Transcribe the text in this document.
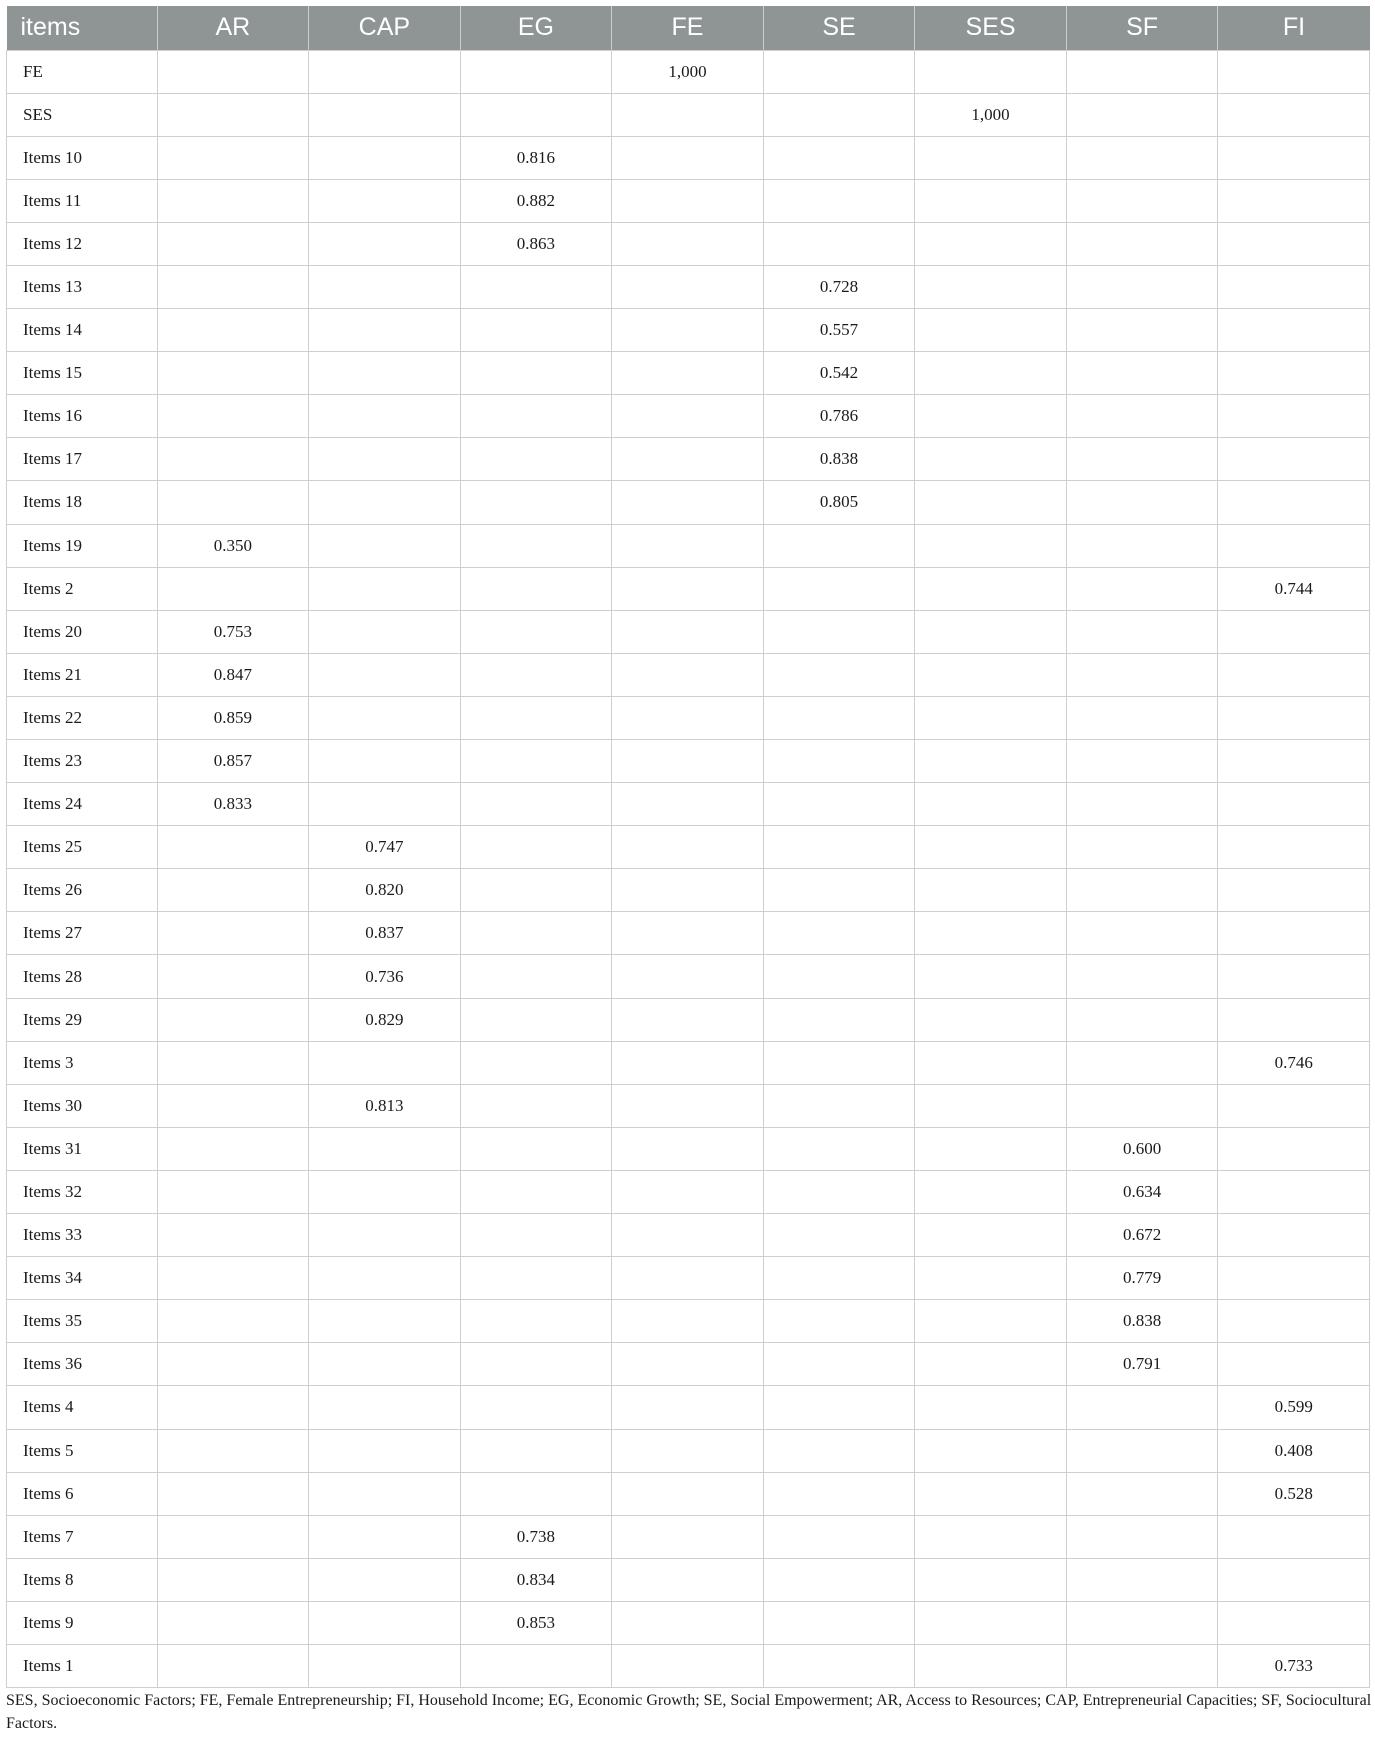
items	AR	CAP	EG	FE	SE	SES	SF	FI
FE				1,000				
SES						1,000		
Items 10			0.816					
Items 11			0.882					
Items 12			0.863					
Items 13					0.728			
Items 14					0.557			
Items 15					0.542			
Items 16					0.786			
Items 17					0.838			
Items 18					0.805			
Items 19	0.350							
Items 2								0.744
Items 20	0.753							
Items 21	0.847							
Items 22	0.859							
Items 23	0.857							
Items 24	0.833							
Items 25		0.747						
Items 26		0.820						
Items 27		0.837						
Items 28		0.736						
Items 29		0.829						
Items 3								0.746
Items 30		0.813						
Items 31							0.600	
Items 32							0.634	
Items 33							0.672	
Items 34							0.779	
Items 35							0.838	
Items 36							0.791	
Items 4								0.599
Items 5								0.408
Items 6								0.528
Items 7			0.738					
Items 8			0.834					
Items 9			0.853					
Items 1								0.733
SES, Socioeconomic Factors; FE, Female Entrepreneurship; FI, Household Income; EG, Economic Growth; SE, Social Empowerment; AR, Access to Resources; CAP, Entrepreneurial Capacities; SF, Sociocultural Factors.
